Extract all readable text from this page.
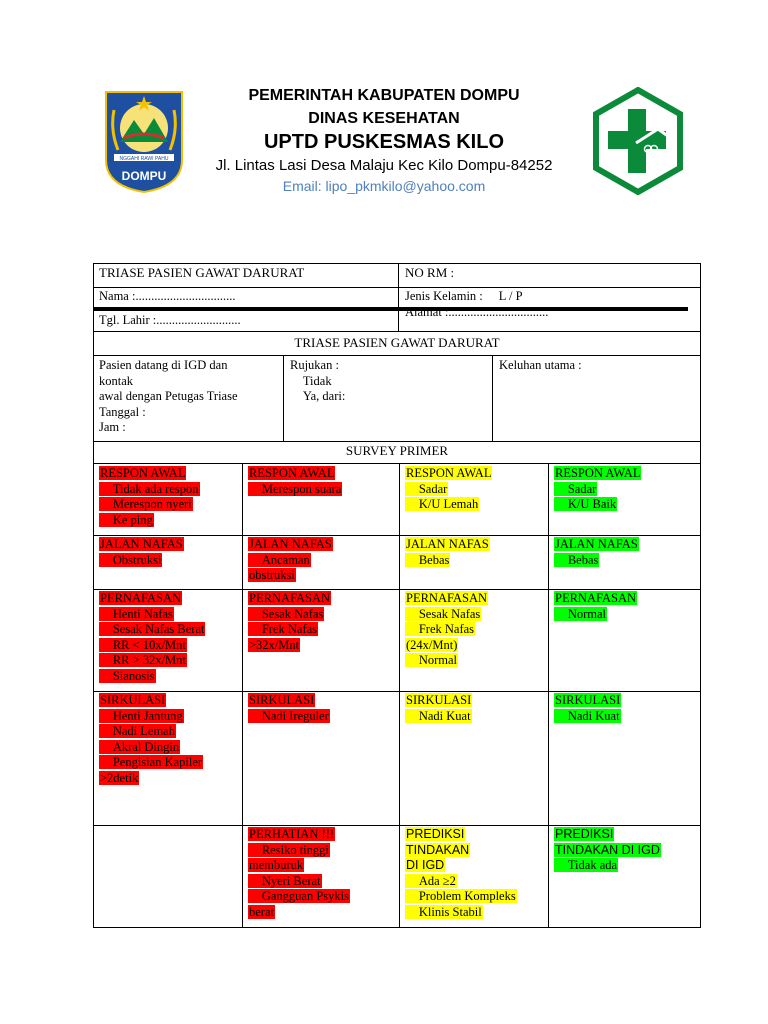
NGGAHI RAWI PAHU
DOMPU
PEMERINTAH KABUPATEN DOMPU
DINAS KESEHATAN
UPTD PUSKESMAS KILO
Jl. Lintas Lasi Desa Malaju Kec Kilo Dompu-84252
Email: lipo_pkmkilo@yahoo.com
TRIASE PASIEN GAWAT DARURAT	NO RM :
Nama :................................	Jenis Kelamin : L / P
Tgl. Lahir :...........................
Alamat :................................
TRIASE PASIEN GAWAT DARURAT
Pasien datang di IGD dan
kontak
awal dengan Petugas Triase
Tanggal :
Jam :
Rujukan :
Tidak
Ya, dari:
Keluhan utama :
SURVEY PRIMER
RESPON AWAL
Tidak ada respon
Merespon nyeri
Ke ping
RESPON AWAL
Merespon suara
RESPON AWAL
Sadar
K/U Lemah
RESPON AWAL
Sadar
K/U Baik
JALAN NAFAS
Obstruksi
JALAN NAFAS
Ancaman
obstruksi
JALAN NAFAS
Bebas
JALAN NAFAS
Bebas
PERNAFASAN
Henti Nafas
Sesak Nafas Berat
RR < 10x/Mnt
RR > 32x/Mnt
Sianosis
PERNAFASAN
Sesak Nafas
Frek Nafas
>32x/Mnt
PERNAFASAN
Sesak Nafas
Frek Nafas
(24x/Mnt)
Normal
PERNAFASAN
Normal
SIRKULASI
Henti Jantung
Nadi Lemah
Akral Dingin
Pengisian Kapiler
>2detik
SIRKULASI
Nadi Ireguler
SIRKULASI
Nadi Kuat
SIRKULASI
Nadi Kuat
PERHATIAN !!!
Resiko tinggi
memburuk
Nyeri Berat
Gangguan Psykis
berat
PREDIKSI
TINDAKAN
DI IGD
Ada ≥2
Problem Kompleks
Klinis Stabil
PREDIKSI
TINDAKAN DI IGD
Tidak ada
